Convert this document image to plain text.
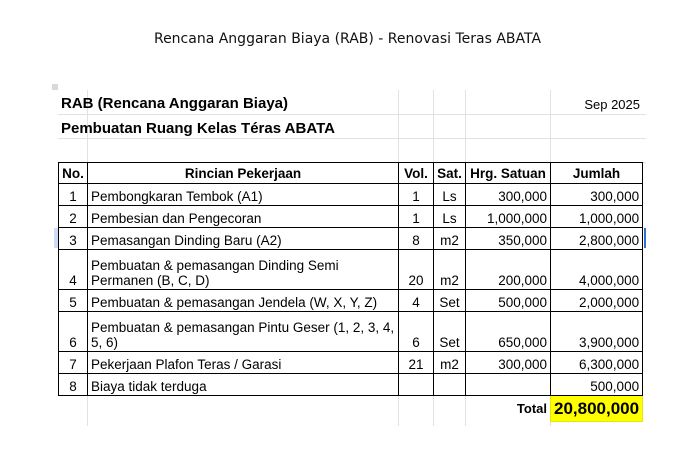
Rencana Anggaran Biaya (RAB) - Renovasi Teras ABATA
RAB (Rencana Anggaran Biaya)	Sep 2025
Pembuatan Ruang Kelas Téras ABATA
No.	Rincian Pekerjaan	Vol.	Sat.	Hrg. Satuan	Jumlah
1	Pembongkaran Tembok (A1)	1	Ls	300,000	300,000
2	Pembesian dan Pengecoran	1	Ls	1,000,000	1,000,000
3	Pemasangan Dinding Baru (A2)	8	m2	350,000	2,800,000
4	Pembuatan & pemasangan Dinding Semi Permanen (B, C, D)	20	m2	200,000	4,000,000
5	Pembuatan & pemasangan Jendela (W, X, Y, Z)	4	Set	500,000	2,000,000
6	Pembuatan & pemasangan Pintu Geser (1, 2, 3, 4, 5, 6)	6	Set	650,000	3,900,000
7	Pekerjaan Plafon Teras / Garasi	21	m2	300,000	6,300,000
8	Biaya tidak terduga				500,000
				Total	20,800,000
